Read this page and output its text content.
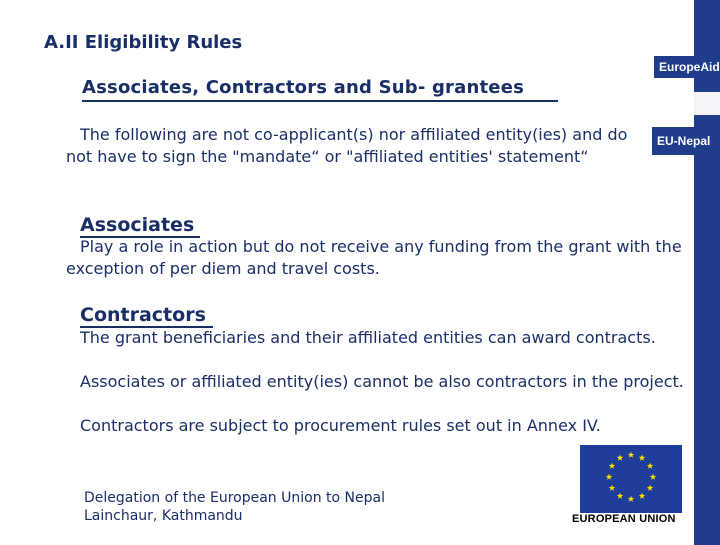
EuropeAid
EU-Nepal
A.II Eligibility Rules
Associates, Contractors and Sub- grantees
The following are not co-applicant(s) nor affiliated entity(ies) and do not have to sign the "mandate“ or "affiliated entities' statement“
Associates
Play a role in action but do not receive any funding from the grant with the exception of per diem and travel costs.
Contractors
The grant beneficiaries and their affiliated entities can award contracts.
Associates or affiliated entity(ies) cannot be also contractors in the project.
Contractors are subject to procurement rules set out in Annex IV.
Delegation of the European Union to Nepal
Lainchaur, Kathmandu	EUROPEAN UNION
